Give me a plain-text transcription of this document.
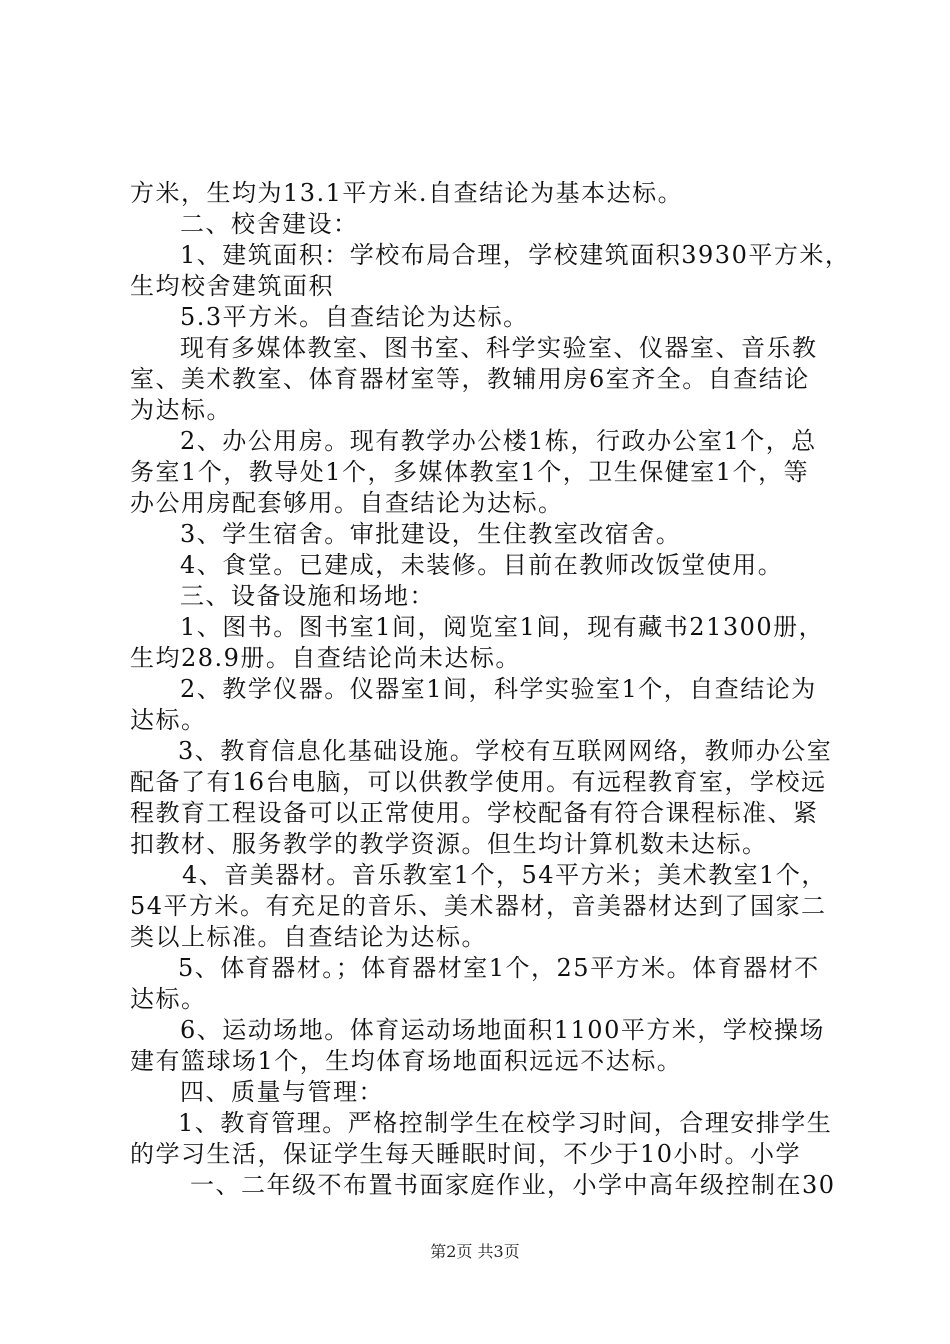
方米，生均为13.1平方米.自查结论为基本达标。
二、校舍建设：
1、建筑面积：学校布局合理，学校建筑面积3930平方米，
生均校舍建筑面积
5.3平方米。自查结论为达标。
现有多媒体教室、图书室、科学实验室、仪器室、音乐教
室、美术教室、体育器材室等，教辅用房6室齐全。自查结论
为达标。
2、办公用房。现有教学办公楼1栋，行政办公室1个，总
务室1个，教导处1个，多媒体教室1个，卫生保健室1个，等
办公用房配套够用。自查结论为达标。
3、学生宿舍。审批建设，生住教室改宿舍。
4、食堂。已建成，未装修。目前在教师改饭堂使用。
三、设备设施和场地：
1、图书。图书室1间，阅览室1间，现有藏书21300册，
生均28.9册。自查结论尚未达标。
2、教学仪器。仪器室1间，科学实验室1个，自查结论为
达标。
3、教育信息化基础设施。学校有互联网网络，教师办公室
配备了有16台电脑，可以供教学使用。有远程教育室，学校远
程教育工程设备可以正常使用。学校配备有符合课程标准、紧
扣教材、服务教学的教学资源。但生均计算机数未达标。
4、音美器材。音乐教室1个，54平方米；美术教室1个，
54平方米。有充足的音乐、美术器材，音美器材达到了国家二
类以上标准。自查结论为达标。
5、体育器材。；体育器材室1个，25平方米。体育器材不
达标。
6、运动场地。体育运动场地面积1100平方米，学校操场
建有篮球场1个，生均体育场地面积远远不达标。
四、质量与管理：
1、教育管理。严格控制学生在校学习时间，合理安排学生
的学习生活，保证学生每天睡眠时间，不少于10小时。小学
一、二年级不布置书面家庭作业，小学中高年级控制在30
第2页 共3页
